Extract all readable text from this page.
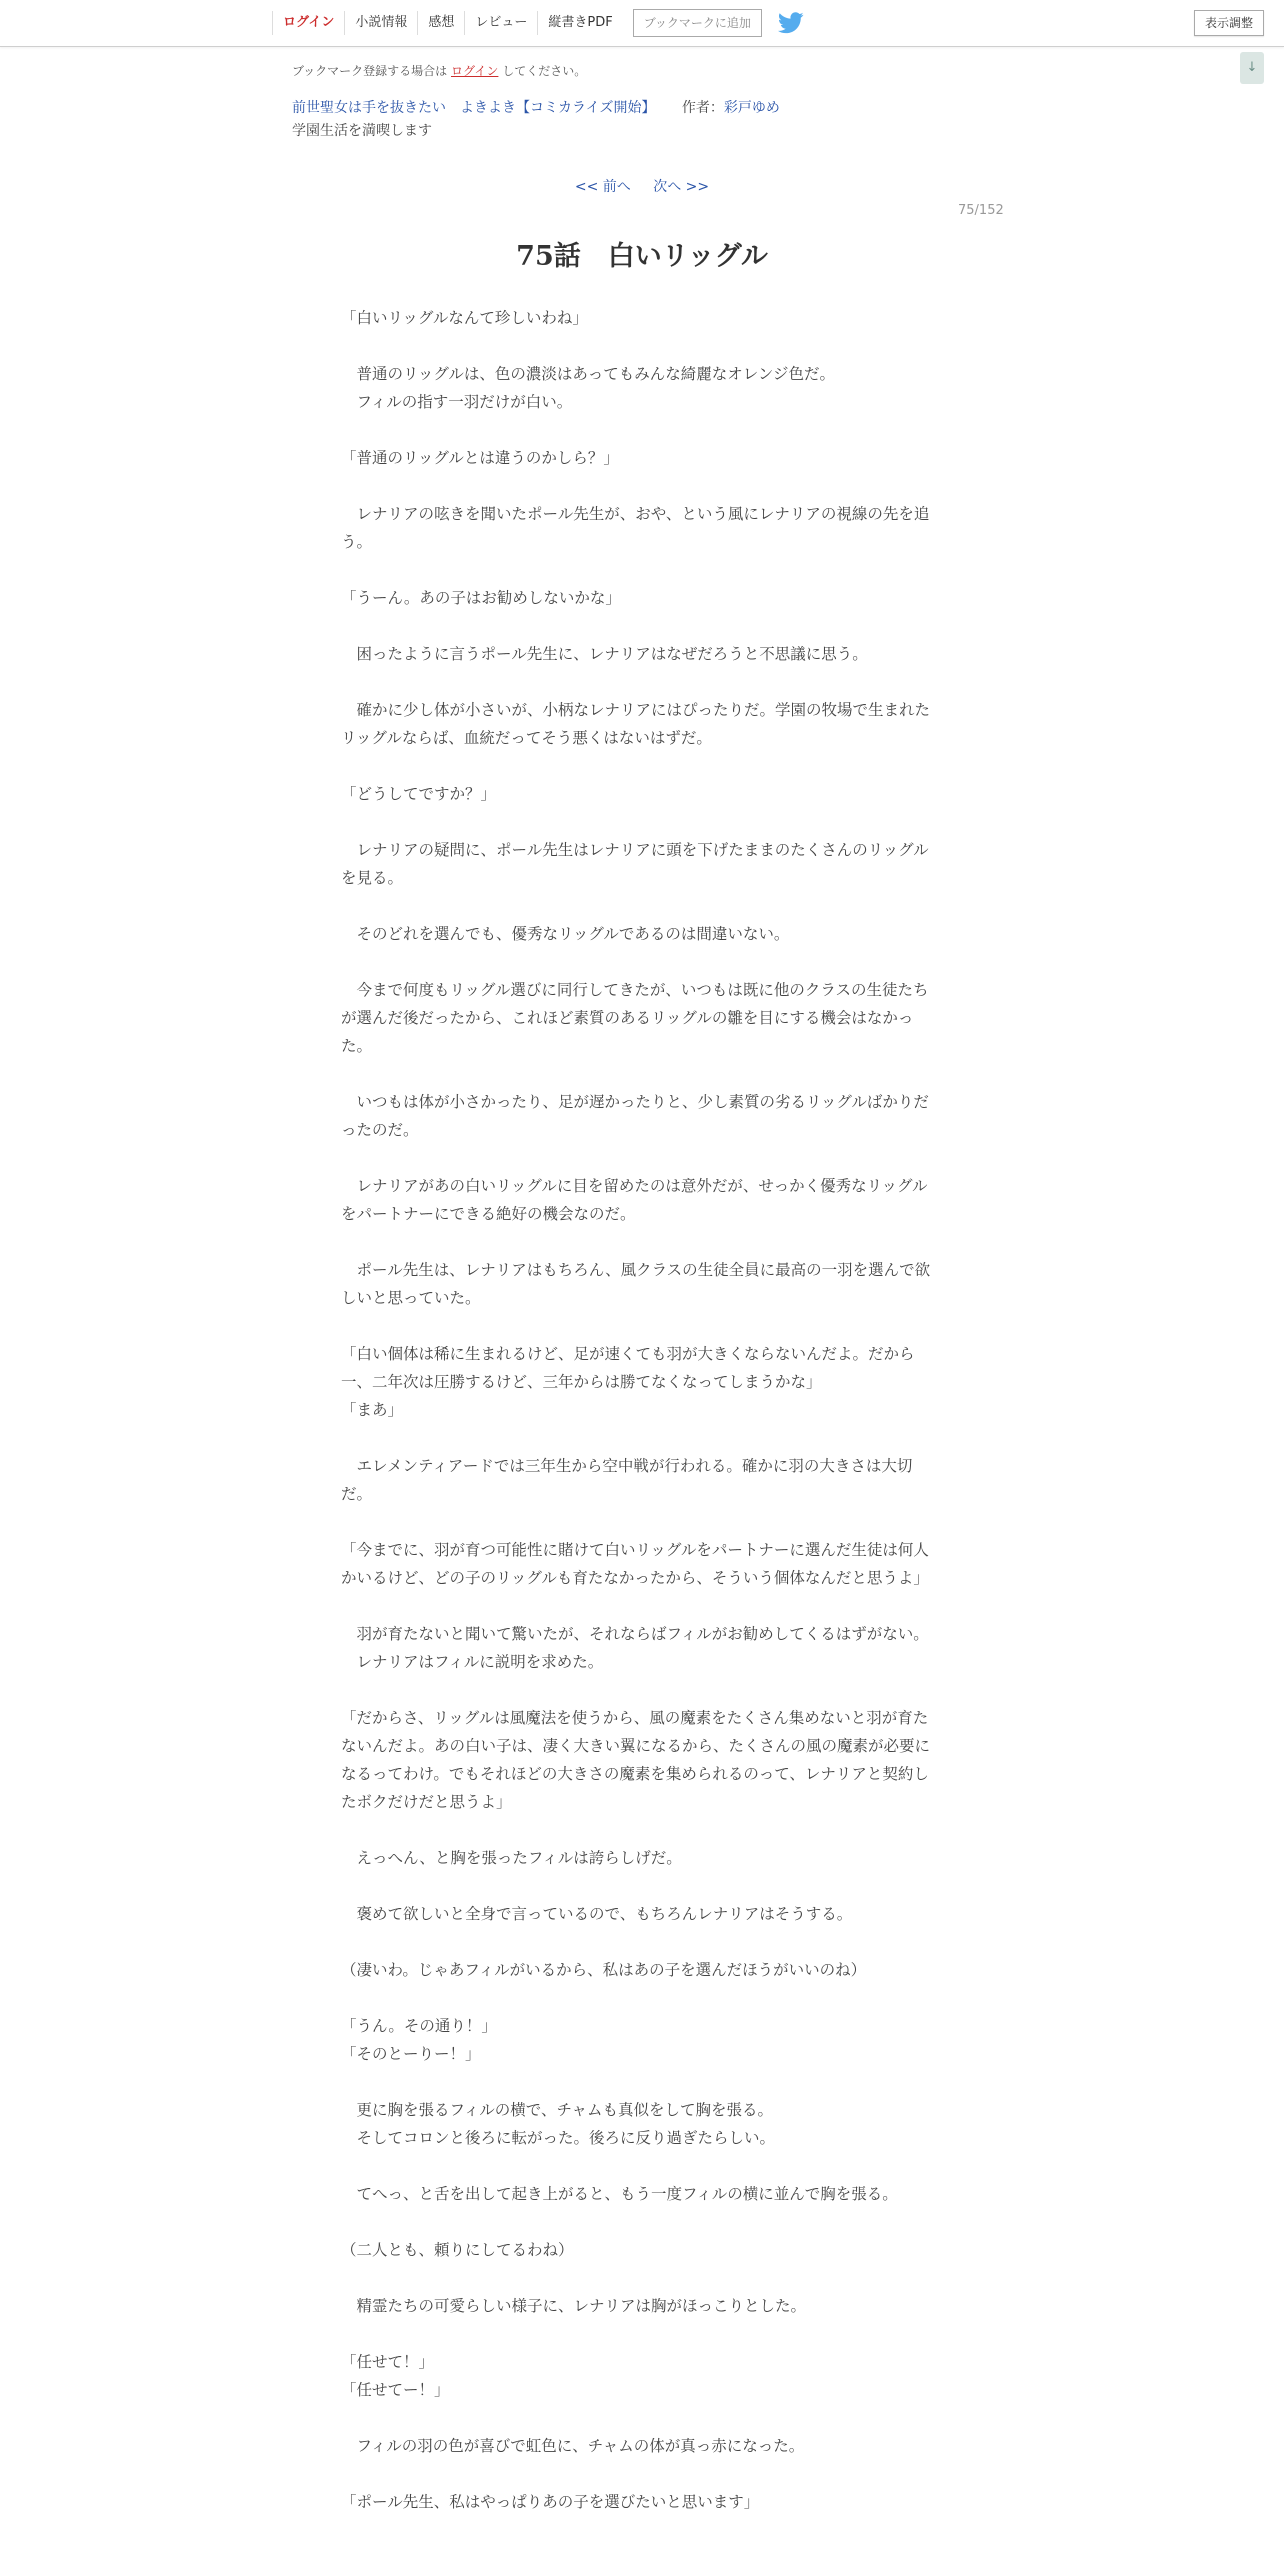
ログイン	小説情報	感想	レビュー	縦書きPDF	ブックマークに追加	表示調整
↓
ブックマーク登録する場合は ログイン してください。
前世聖女は手を抜きたい　よきよき【コミカライズ開始】 作者：彩戸ゆめ
学園生活を満喫します
<< 前へ 次へ >>
75/152
75話　白いリッグル

「白いリッグルなんて珍しいわね」

　普通のリッグルは、色の濃淡はあってもみんな綺麗なオレンジ色だ。

　フィルの指す一羽だけが白い。

「普通のリッグルとは違うのかしら？」

　レナリアの呟きを聞いたポール先生が、おや、という風にレナリアの視線の先を追う。

「うーん。あの子はお勧めしないかな」

　困ったように言うポール先生に、レナリアはなぜだろうと不思議に思う。

　確かに少し体が小さいが、小柄なレナリアにはぴったりだ。学園の牧場で生まれたリッグルならば、血統だってそう悪くはないはずだ。

「どうしてですか？」

　レナリアの疑問に、ポール先生はレナリアに頭を下げたままのたくさんのリッグルを見る。

　そのどれを選んでも、優秀なリッグルであるのは間違いない。

　今まで何度もリッグル選びに同行してきたが、いつもは既に他のクラスの生徒たちが選んだ後だったから、これほど素質のあるリッグルの雛を目にする機会はなかった。

　いつもは体が小さかったり、足が遅かったりと、少し素質の劣るリッグルばかりだったのだ。

　レナリアがあの白いリッグルに目を留めたのは意外だが、せっかく優秀なリッグルをパートナーにできる絶好の機会なのだ。

　ポール先生は、レナリアはもちろん、風クラスの生徒全員に最高の一羽を選んで欲しいと思っていた。

「白い個体は稀に生まれるけど、足が速くても羽が大きくならないんだよ。だから一、二年次は圧勝するけど、三年からは勝てなくなってしまうかな」

「まあ」

　エレメンティアードでは三年生から空中戦が行われる。確かに羽の大きさは大切だ。

「今までに、羽が育つ可能性に賭けて白いリッグルをパートナーに選んだ生徒は何人かいるけど、どの子のリッグルも育たなかったから、そういう個体なんだと思うよ」

　羽が育たないと聞いて驚いたが、それならばフィルがお勧めしてくるはずがない。

　レナリアはフィルに説明を求めた。

「だからさ、リッグルは風魔法を使うから、風の魔素をたくさん集めないと羽が育たないんだよ。あの白い子は、凄く大きい翼になるから、たくさんの風の魔素が必要になるってわけ。でもそれほどの大きさの魔素を集められるのって、レナリアと契約したボクだけだと思うよ」

　えっへん、と胸を張ったフィルは誇らしげだ。

　褒めて欲しいと全身で言っているので、もちろんレナリアはそうする。

（凄いわ。じゃあフィルがいるから、私はあの子を選んだほうがいいのね）

「うん。その通り！」

「そのとーりー！」

　更に胸を張るフィルの横で、チャムも真似をして胸を張る。

　そしてコロンと後ろに転がった。後ろに反り過ぎたらしい。

　てへっ、と舌を出して起き上がると、もう一度フィルの横に並んで胸を張る。

（二人とも、頼りにしてるわね）

　精霊たちの可愛らしい様子に、レナリアは胸がほっこりとした。

「任せて！」

「任せてー！」

　フィルの羽の色が喜びで虹色に、チャムの体が真っ赤になった。

「ポール先生、私はやっぱりあの子を選びたいと思います」
